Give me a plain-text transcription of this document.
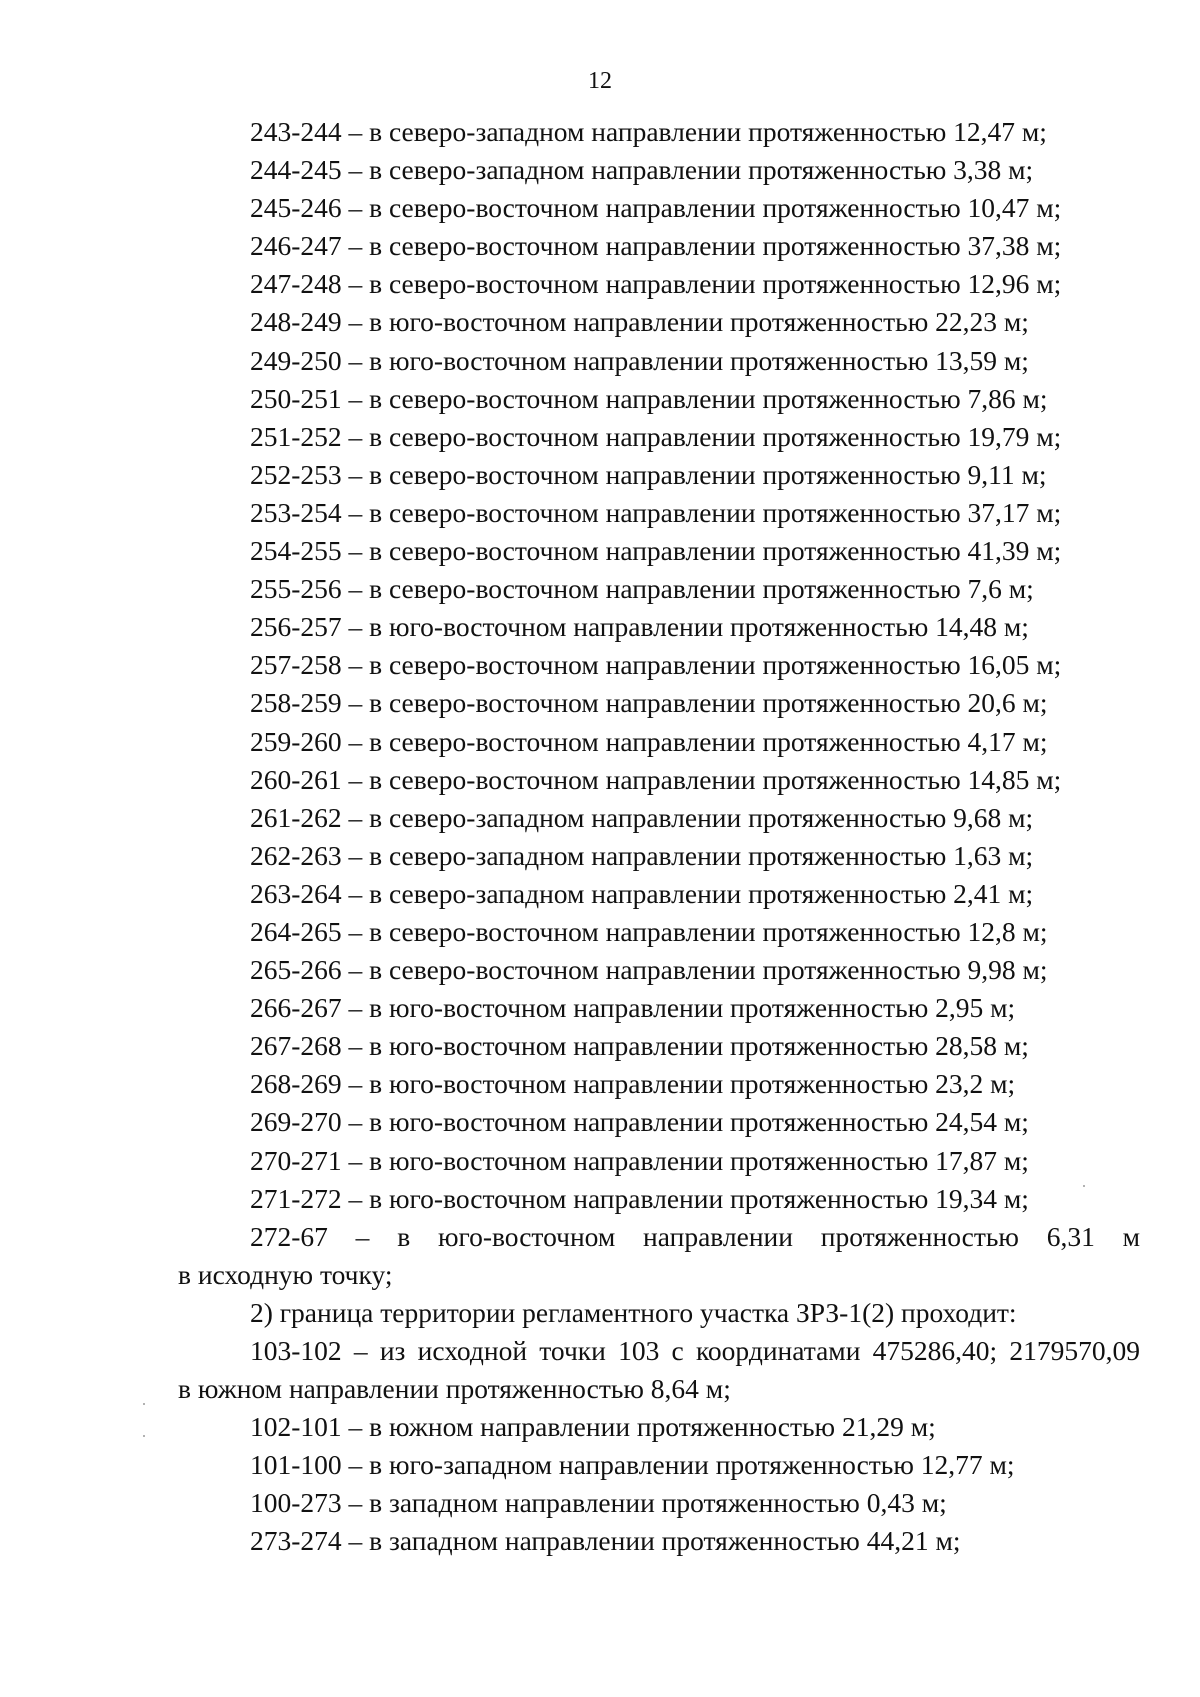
12
243-244 – в северо-западном направлении протяженностью 12,47 м;
244-245 – в северо-западном направлении протяженностью 3,38 м;
245-246 – в северо-восточном направлении протяженностью 10,47 м;
246-247 – в северо-восточном направлении протяженностью 37,38 м;
247-248 – в северо-восточном направлении протяженностью 12,96 м;
248-249 – в юго-восточном направлении протяженностью 22,23 м;
249-250 – в юго-восточном направлении протяженностью 13,59 м;
250-251 – в северо-восточном направлении протяженностью 7,86 м;
251-252 – в северо-восточном направлении протяженностью 19,79 м;
252-253 – в северо-восточном направлении протяженностью 9,11 м;
253-254 – в северо-восточном направлении протяженностью 37,17 м;
254-255 – в северо-восточном направлении протяженностью 41,39 м;
255-256 – в северо-восточном направлении протяженностью 7,6 м;
256-257 – в юго-восточном направлении протяженностью 14,48 м;
257-258 – в северо-восточном направлении протяженностью 16,05 м;
258-259 – в северо-восточном направлении протяженностью 20,6 м;
259-260 – в северо-восточном направлении протяженностью 4,17 м;
260-261 – в северо-восточном направлении протяженностью 14,85 м;
261-262 – в северо-западном направлении протяженностью 9,68 м;
262-263 – в северо-западном направлении протяженностью 1,63 м;
263-264 – в северо-западном направлении протяженностью 2,41 м;
264-265 – в северо-восточном направлении протяженностью 12,8 м;
265-266 – в северо-восточном направлении протяженностью 9,98 м;
266-267 – в юго-восточном направлении протяженностью 2,95 м;
267-268 – в юго-восточном направлении протяженностью 28,58 м;
268-269 – в юго-восточном направлении протяженностью 23,2 м;
269-270 – в юго-восточном направлении протяженностью 24,54 м;
270-271 – в юго-восточном направлении протяженностью 17,87 м;
271-272 – в юго-восточном направлении протяженностью 19,34 м;
272-67 – в юго-восточном направлении протяженностью 6,31 м
в исходную точку;
2) граница территории регламентного участка ЗРЗ-1(2) проходит:
103-102 – из исходной точки 103 с координатами 475286,40; 2179570,09
в южном направлении протяженностью 8,64 м;
102-101 – в южном направлении протяженностью 21,29 м;
101-100 – в юго-западном направлении протяженностью 12,77 м;
100-273 – в западном направлении протяженностью 0,43 м;
273-274 – в западном направлении протяженностью 44,21 м;
